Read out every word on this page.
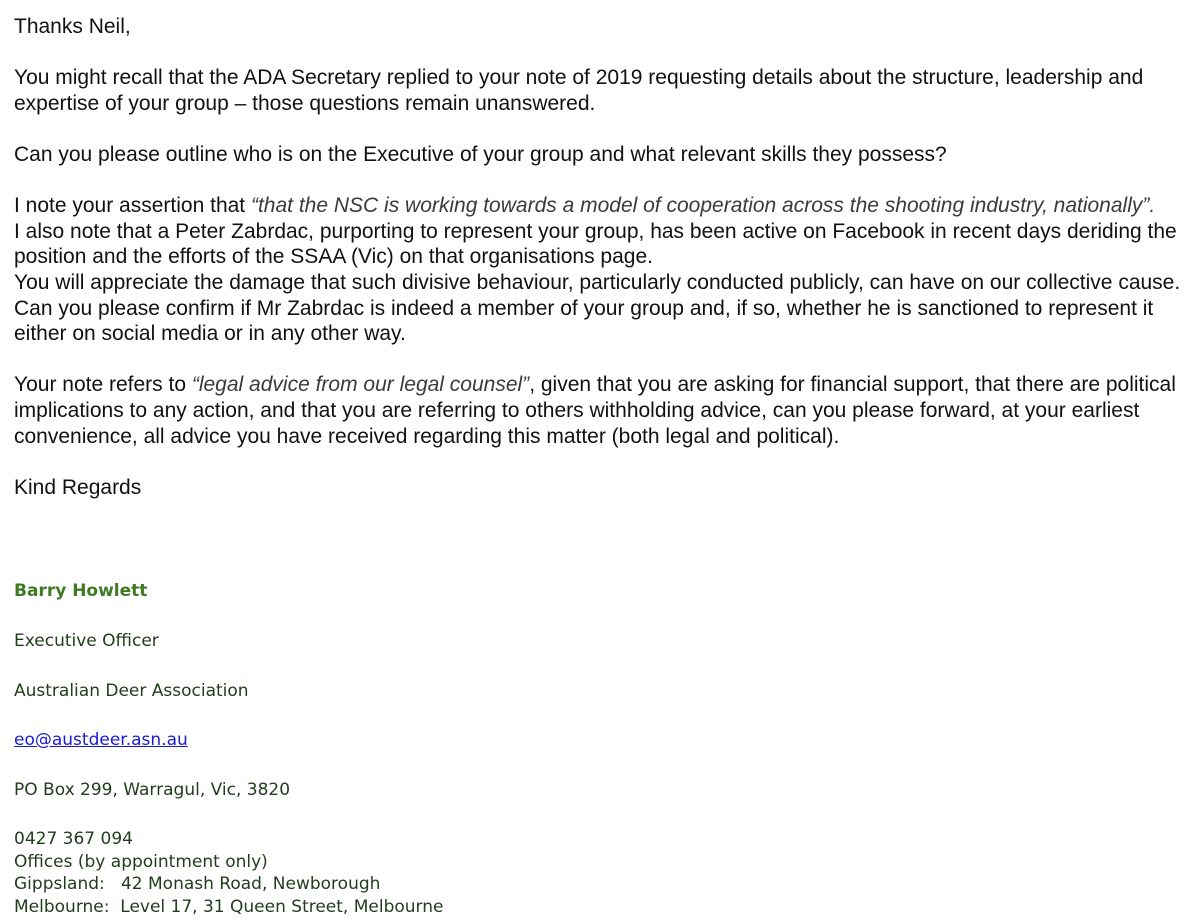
Thanks Neil,

You might recall that the ADA Secretary replied to your note of 2019 requesting details about the structure, leadership and expertise of your group – those questions remain unanswered.

Can you please outline who is on the Executive of your group and what relevant skills they possess?

I note your assertion that “that the NSC is working towards a model of cooperation across the shooting industry, nationally”.

I also note that a Peter Zabrdac, purporting to represent your group, has been active on Facebook in recent days deriding the position and the efforts of the SSAA (Vic) on that organisations page.

You will appreciate the damage that such divisive behaviour, particularly conducted publicly, can have on our collective cause.

Can you please confirm if Mr Zabrdac is indeed a member of your group and, if so, whether he is sanctioned to represent it either on social media or in any other way.

Your note refers to “legal advice from our legal counsel”, given that you are asking for financial support, that there are political implications to any action, and that you are referring to others withholding advice, can you please forward, at your earliest convenience, all advice you have received regarding this matter (both legal and political).

Kind Regards

Barry Howlett
Executive Officer
Australian Deer Association
eo@austdeer.asn.au
PO Box 299, Warragul, Vic, 3820
0427 367 094
Offices (by appointment only)
Gippsland:   42 Monash Road, Newborough
Melbourne:  Level 17, 31 Queen Street, Melbourne
